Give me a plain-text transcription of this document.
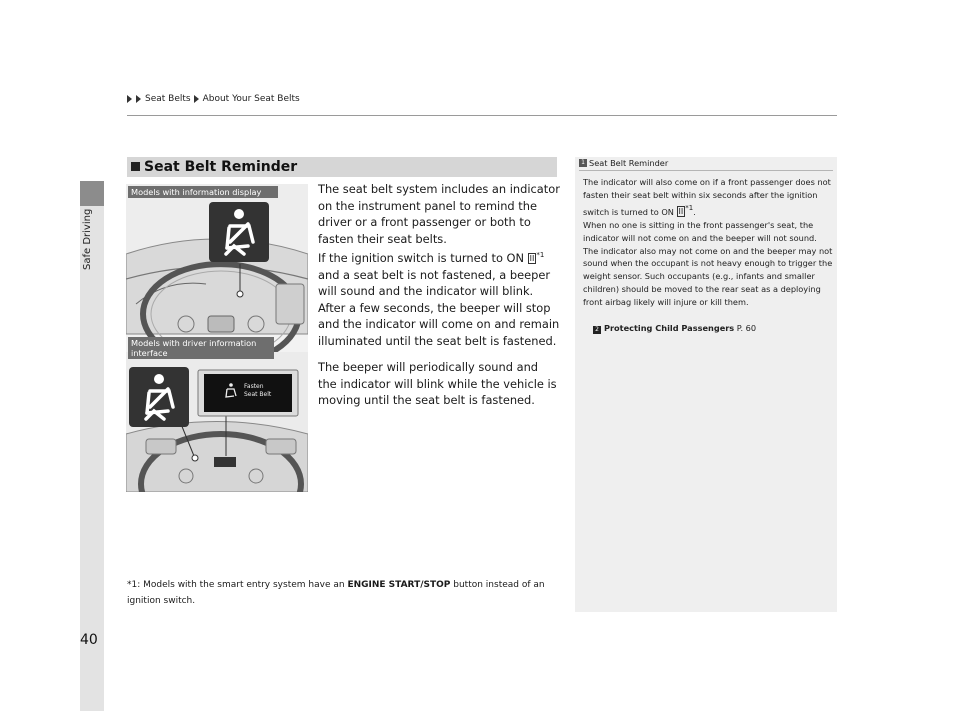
Safe Driving
Seat Belts About Your Seat Belts
Seat Belt Reminder
Fasten
Seat Belt
Models with information display
Models with driver information interface

The seat belt system includes an indicator on the instrument panel to remind the driver or a front passenger or both to fasten their seat belts.
If the ignition switch is turned to ON II $^{*1}$ and a seat belt is not fastened, a beeper will sound and the indicator will blink. After a few seconds, the beeper will stop and the indicator will come on and remain illuminated until the seat belt is fastened.

The beeper will periodically sound and the indicator will blink while the vehicle is moving until the seat belt is fastened.

*1: Models with the smart entry system have an ENGINE START/STOP button instead of an ignition switch.
1 Seat Belt Reminder
The indicator will also come on if a front passenger does not fasten their seat belt within six seconds after the ignition switch is turned to ON II *1.
When no one is sitting in the front passenger's seat, the indicator will not come on and the beeper will not sound. The indicator also may not come on and the beeper may not sound when the occupant is not heavy enough to trigger the weight sensor. Such occupants (e.g., infants and smaller children) should be moved to the rear seat as a deploying front airbag likely will injure or kill them.
2 Protecting Child Passengers P. 60
40
